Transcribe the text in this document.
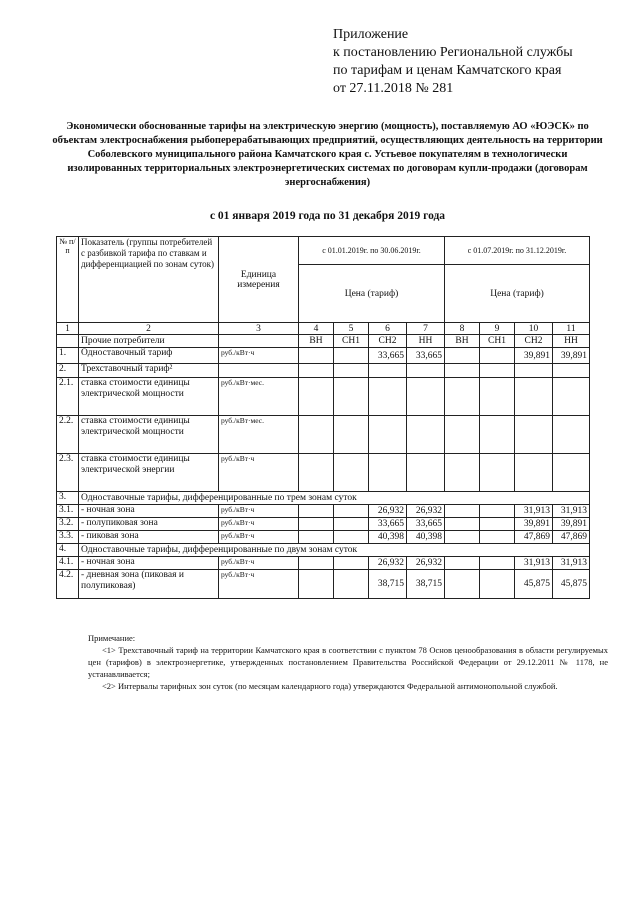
Приложение
к постановлению Региональной службы
по тарифам и ценам Камчатского края
от 27.11.2018 № 281
Экономически обоснованные тарифы на электрическую энергию (мощность), поставляемую АО «ЮЭСК» по объектам электроснабжения рыбоперерабатывающих предприятий, осуществляющих деятельность на территории Соболевского муниципального района Камчатского края с. Устьевое покупателям в технологически изолированных территориальных электроэнергетических системах по договорам купли-продажи (договорам энергоснабжения)
с 01 января 2019 года по 31 декабря 2019 года
№ п/п	Показатель (группы потребителей с разбивкой тарифа по ставкам и дифференциацией по зонам суток)	Единица измерения	с 01.01.2019г. по 30.06.2019г.				с 01.07.2019г. по 31.12.2019г.			
			Цена (тариф)				Цена (тариф)			
1	2	3	4	5	6	7	8	9	10	11
	Прочие потребители		ВН	СН1	СН2	НН	ВН	СН1	СН2	НН
1.	Одноставочный тариф	руб./кВт·ч			33,665	33,665			39,891	39,891
2.	Трехставочный тариф²									
2.1.	ставка стоимости единицы электрической мощности	руб./кВт·мес.								
2.2.	ставка стоимости единицы электрической мощности	руб./кВт·мес.								
2.3.	ставка стоимости единицы электрической энергии	руб./кВт·ч								
3.	Одноставочные тарифы, дифференцированные по трем зонам суток									
3.1.	- ночная зона	руб./кВт·ч			26,932	26,932			31,913	31,913
3.2.	- полупиковая зона	руб./кВт·ч			33,665	33,665			39,891	39,891
3.3.	- пиковая зона	руб./кВт·ч			40,398	40,398			47,869	47,869
4.	Одноставочные тарифы, дифференцированные по двум зонам суток									
4.1.	- ночная зона	руб./кВт·ч			26,932	26,932			31,913	31,913
4.2.	- дневная зона (пиковая и полупиковая)	руб./кВт·ч			38,715	38,715			45,875	45,875

Примечание:

<1> Трехставочный тариф на территории Камчатского края в соответствии с пунктом 78 Основ ценообразования в области регулируемых цен (тарифов) в электроэнергетике, утвержденных постановлением Правительства Российской Федерации от 29.12.2011 № 1178, не устанавливается;

<2> Интервалы тарифных зон суток (по месяцам календарного года) утверждаются Федеральной антимонопольной службой.
